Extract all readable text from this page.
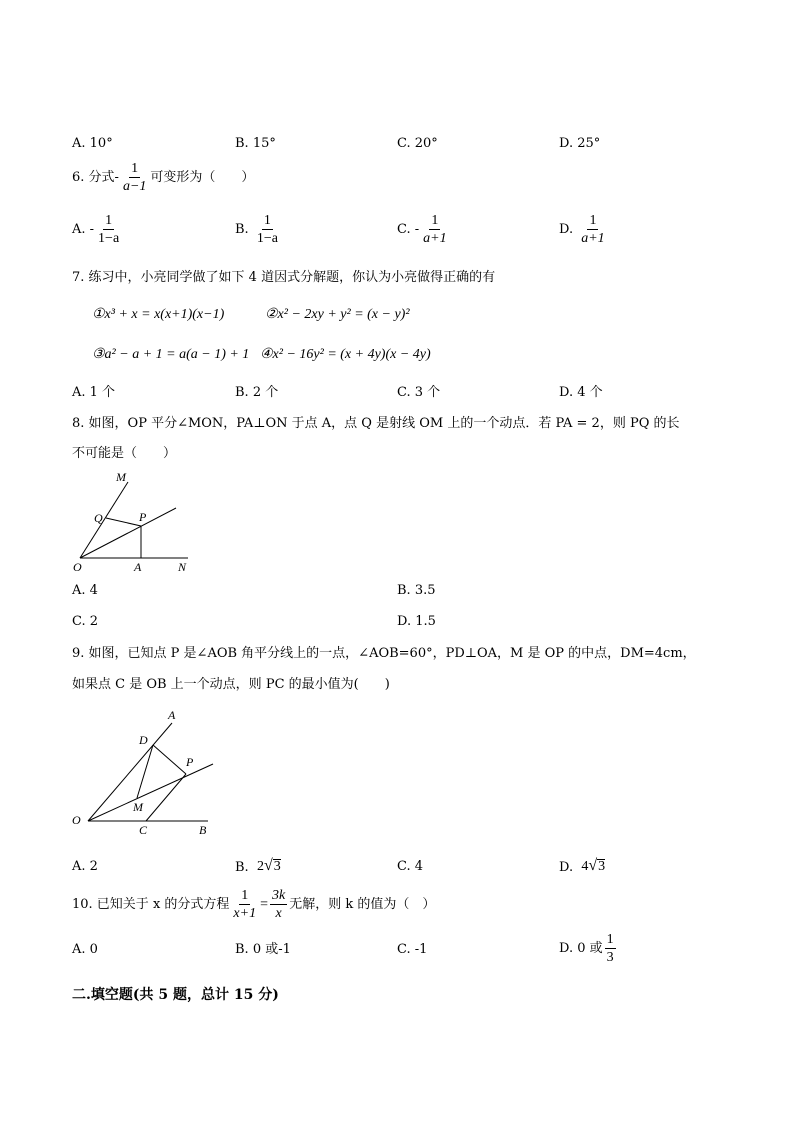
A. 10°	B. 15°	C. 20°	D. 25°
6.
分式- $\frac{1}{a-1}$ 可变形为（　　）
A. - $\frac{1}{1-a}$	B.
$\frac{1}{1-a}$	C. - $\frac{1}{a+1}$	D.
$\frac{1}{a+1}$
7. 练习中，小亮同学做了如下 4 道因式分解题，你认为小亮做得正确的有
①x³ + x = x(x+1)(x−1)	②x² − 2xy + y² = (x − y)²
③a² − a + 1 = a(a − 1) + 1 ④x² − 16y² = (x + 4y)(x − 4y)
A. 1 个	B. 2 个	C. 3 个	D. 4 个
8. 如图，OP 平分∠MON，PA⊥ON 于点 A，点 Q 是射线 OM 上的一个动点．若 PA = 2，则 PQ 的长
不可能是（　　）
M
Q	P
O	A	N
A. 4	B. 3.5
C. 2	D. 1.5
9. 如图，已知点 P 是∠AOB 角平分线上的一点，∠AOB=60°，PD⊥OA，M 是 OP 的中点，DM=4cm，
如果点 C 是 OB 上一个动点，则 PC 的最小值为(　　)
A
D
P
M
O
C	B
A. 2	B.
2 √ 3	C. 4	D.
4 √ 3
10. 已知关于 x 的分式方程 $\frac{1}{x+1} = \frac{3k}{x}$ 无解，则 k 的值为（　）
A. 0	B. 0 或-1	C. -1	D. 0 或 $\frac{1}{3}$
二.填空题(共 5 题，总计 15 分)
